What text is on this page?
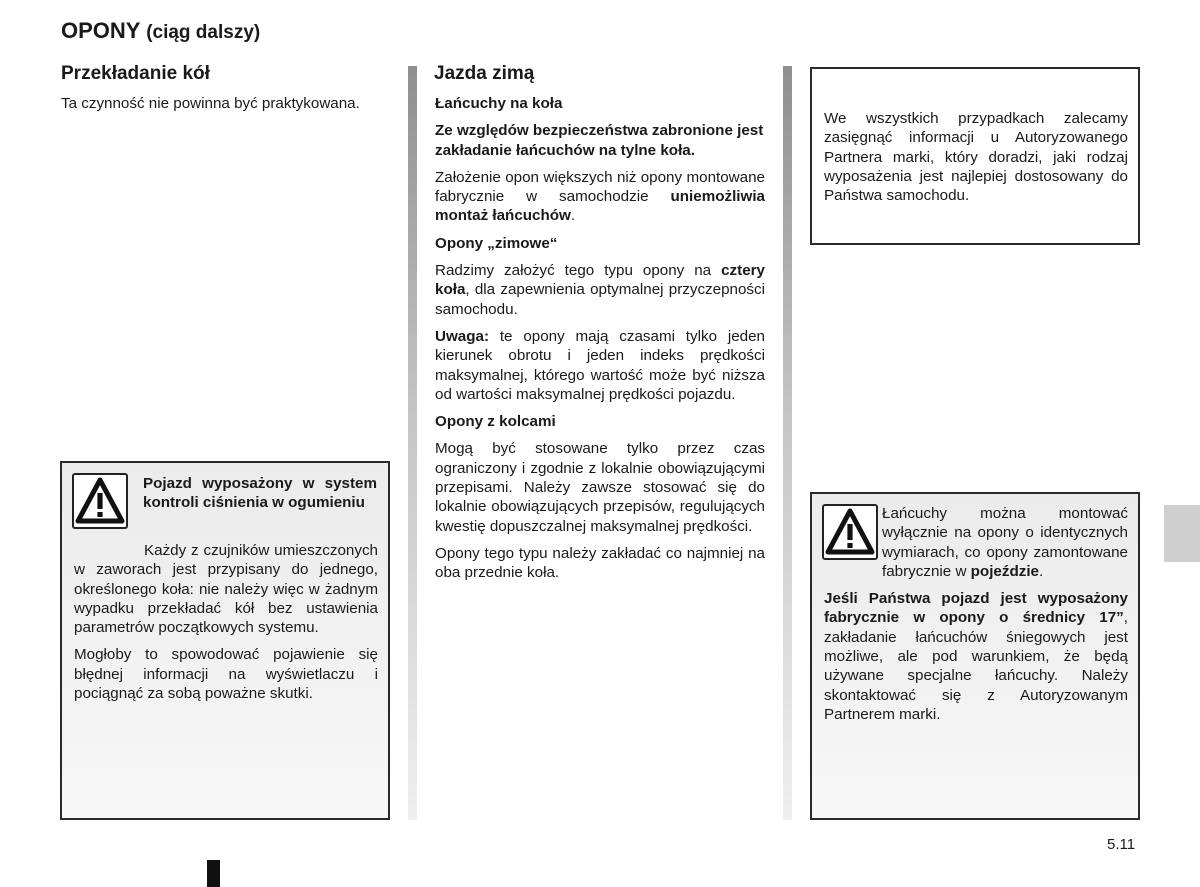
OPONY (ciąg dalszy)
Przekładanie kół

Ta czynność nie powinna być praktykowana.

Pojazd wyposażony w system kontroli ciśnienia w ogumieniu

Każdy z czujników umieszczonych w zaworach jest przypisany do jednego, określonego koła: nie należy więc w żadnym wypadku przekładać kół bez ustawienia parametrów początkowych systemu.

Mogłoby to spowodować pojawienie się błędnej informacji na wyświetlaczu i pociągnąć za sobą poważne skutki.

Jazda zimą

Łańcuchy na koła

Ze względów bezpieczeństwa zabronione jest zakładanie łańcuchów na tylne koła.

Założenie opon większych niż opony montowane fabrycznie w samochodzie uniemożliwia montaż łańcuchów.

Opony „zimowe“

Radzimy założyć tego typu opony na cztery koła, dla zapewnienia optymalnej przyczepności samochodu.

Uwaga: te opony mają czasami tylko jeden kierunek obrotu i jeden indeks prędkości maksymalnej, którego wartość może być niższa od wartości maksymalnej prędkości pojazdu.

Opony z kolcami

Mogą być stosowane tylko przez czas ograniczony i zgodnie z lokalnie obowiązującymi przepisami. Należy zawsze stosować się do lokalnie obowiązujących przepisów, regulujących kwestię dopuszczalnej maksymalnej prędkości.

Opony tego typu należy zakładać co najmniej na oba przednie koła.

We wszystkich przypadkach zalecamy zasięgnąć informacji u Autoryzowanego Partnera marki, który doradzi, jaki rodzaj wyposażenia jest najlepiej dostosowany do Państwa samochodu.

Łańcuchy można montować wyłącznie na opony o identycznych wymiarach, co opony zamontowane fabrycznie w pojeździe.

Jeśli Państwa pojazd jest wyposażony fabrycznie w opony o średnicy 17”, zakładanie łańcuchów śniegowych jest możliwe, ale pod warunkiem, że będą używane specjalne łańcuchy. Należy skontaktować się z Autoryzowanym Partnerem marki.

5.11
